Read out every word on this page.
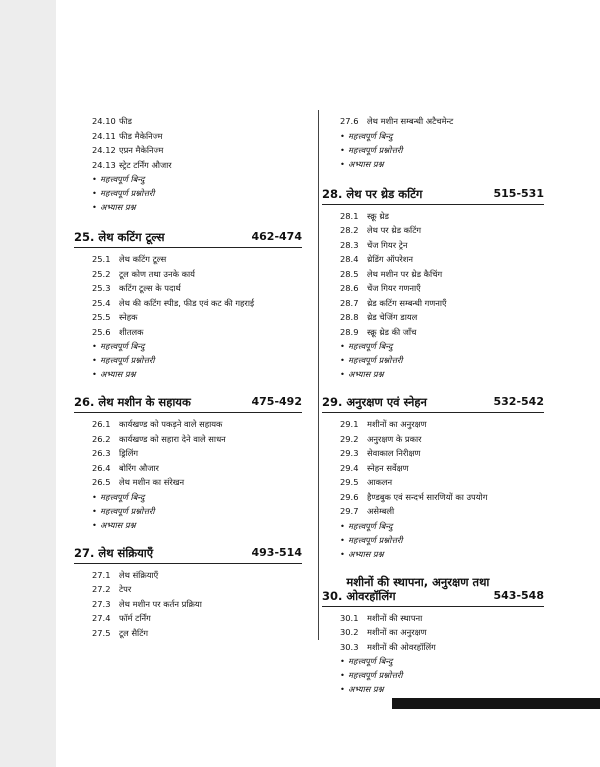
24.10 फीड
24.11 फीड मैकेनिज्म
24.12 एप्रन मैकेनिज्म
24.13 स्ट्रेट टर्निंग औजार
• महत्त्वपूर्ण बिन्दु
• महत्त्वपूर्ण प्रश्नोत्तरी
• अभ्यास प्रश्न
25. लेथ कटिंग टूल्स	462-474
25.1 लेथ कटिंग टूल्स
25.2 टूल कोण तथा उनके कार्य
25.3 कटिंग टूल्स के पदार्थ
25.4 लेथ की कटिंग स्पीड, फीड एवं कट की गहराई
25.5 स्नेहक
25.6 शीतलक
• महत्त्वपूर्ण बिन्दु
• महत्त्वपूर्ण प्रश्नोत्तरी
• अभ्यास प्रश्न
26. लेथ मशीन के सहायक	475-492
26.1 कार्यखण्ड को पकड़ने वाले सहायक
26.2 कार्यखण्ड को सहारा देने वाले साधन
26.3 ड्रिलिंग
26.4 बोरिंग औजार
26.5 लेथ मशीन का संरेखन
• महत्त्वपूर्ण बिन्दु
• महत्त्वपूर्ण प्रश्नोत्तरी
• अभ्यास प्रश्न
27. लेथ संक्रियाएँ	493-514
27.1 लेथ संक्रियाएँ
27.2 टेपर
27.3 लेथ मशीन पर कर्तन प्रक्रिया
27.4 फॉर्म टर्निंग
27.5 टूल सैटिंग
27.6 लेथ मशीन सम्बन्धी अटैचमेन्ट
• महत्त्वपूर्ण बिन्दु
• महत्त्वपूर्ण प्रश्नोत्तरी
• अभ्यास प्रश्न
28. लेथ पर थ्रेड कटिंग	515-531
28.1 स्क्रू थ्रेड
28.2 लेथ पर थ्रेड कटिंग
28.3 चेंज गियर ट्रेन
28.4 थ्रेडिंग ऑपरेशन
28.5 लेथ मशीन पर थ्रेड कैचिंग
28.6 चेंज गियर गणनाएँ
28.7 थ्रेड कटिंग सम्बन्धी गणनाएँ
28.8 थ्रेड चेजिंग डायल
28.9 स्क्रू थ्रेड की जाँच
• महत्त्वपूर्ण बिन्दु
• महत्त्वपूर्ण प्रश्नोत्तरी
• अभ्यास प्रश्न
29. अनुरक्षण एवं स्नेहन	532-542
29.1 मशीनों का अनुरक्षण
29.2 अनुरक्षण के प्रकार
29.3 सेवाकाल निरीक्षण
29.4 स्नेहन सर्वेक्षण
29.5 आकलन
29.6 हैण्डबुक एवं सन्दर्भ सारणियों का उपयोग
29.7 असेम्बली
• महत्त्वपूर्ण बिन्दु
• महत्त्वपूर्ण प्रश्नोत्तरी
• अभ्यास प्रश्न
30. मशीनों की स्थापना, अनुरक्षण तथा ओवरहॉलिंग	543-548
30.1 मशीनों की स्थापना
30.2 मशीनों का अनुरक्षण
30.3 मशीनों की ओवरहॉलिंग
• महत्त्वपूर्ण बिन्दु
• महत्त्वपूर्ण प्रश्नोत्तरी
• अभ्यास प्रश्न
